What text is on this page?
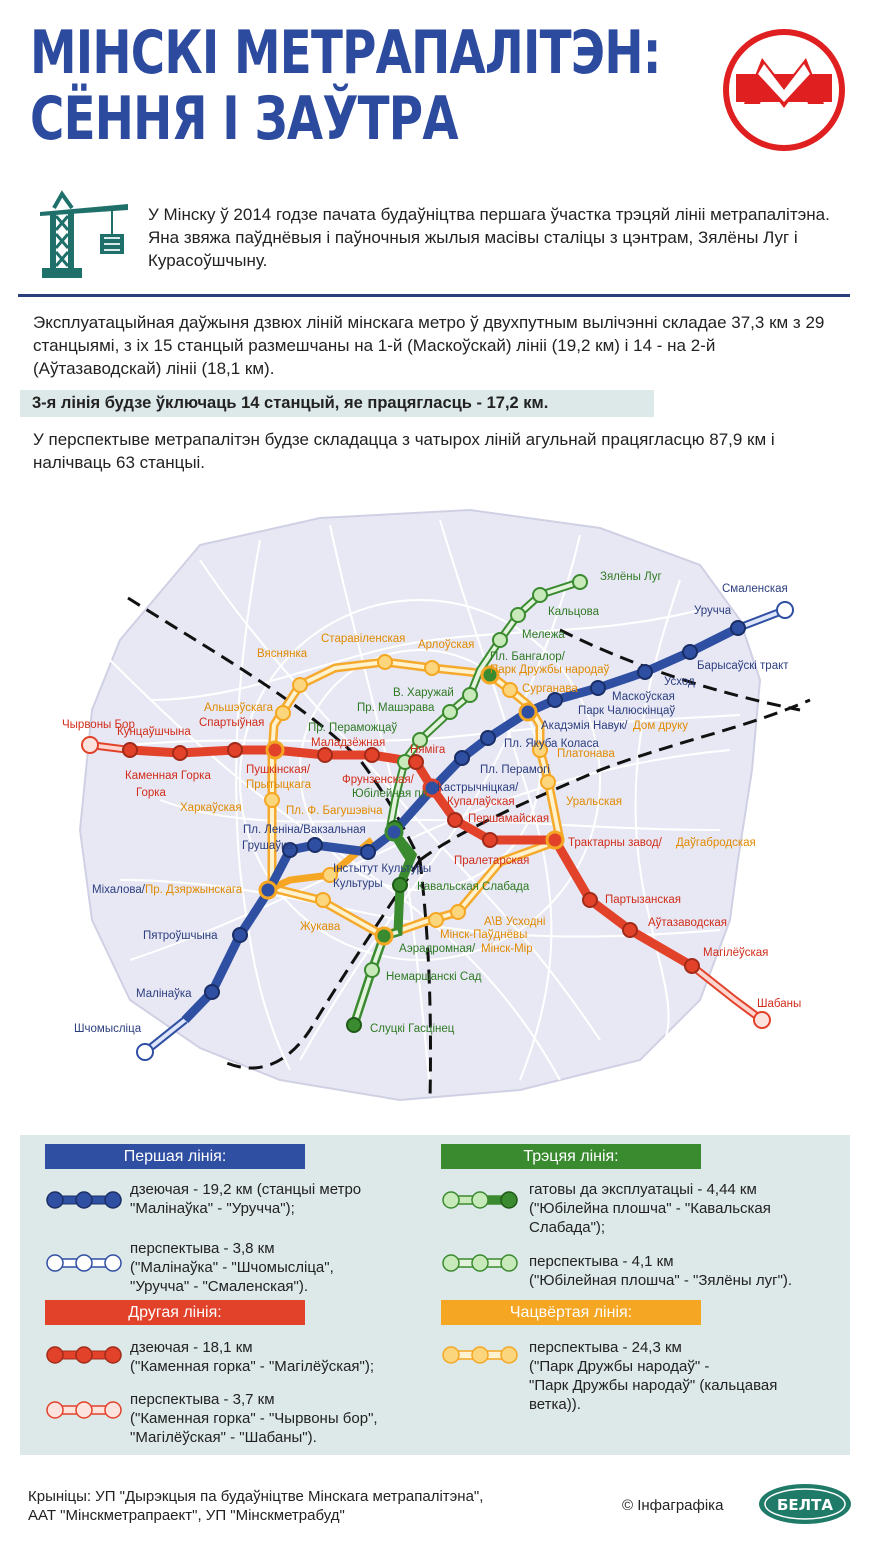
МІНСКІ МЕТРАПАЛІТЭН:
СЁННЯ І ЗАЎТРА
У Мінску ў 2014 годзе пачата будаўніцтва першага ўчастка трэцяй лініі метрапалітэна. Яна звяжа паўднёвыя і паўночныя жылыя масівы сталіцы з цэнтрам, Зялёны Луг і Курасоўшчыну.
Эксплуатацыйная даўжыня дзвюх ліній мінскага метро ў двухпутным вылічэнні складае 37,3 км з 29 станцыямі, з іх 15 станцый размешчаны на 1-й (Маскоўскай) лініі (19,2 км) і 14 - на 2-й (Аўтазаводскай) лініі (18,1 км).
3-я лінія будзе ўключаць 14 станцый, яе працягласць - 17,2 км.
У перспектыве метрапалітэн будзе складацца з чатырох ліній агульнай працягласцю 87,9 км і налічваць 63 станцыі.
Шчомысліца
Малінаўка
Пятроўшчына
Міхалова/
Грушаўка
Інстытут Культуры
Культуры
Пл. Леніна/Вакзальная
Кастрычніцкая/
Пл. Перамогі
Пл. Якуба Коласа
Акадэмія Навук/
Парк Чалюскінцаў
Маскоўская
Усход
Барысаўскі тракт
Уручча
Смаленская
Чырвоны Бор
Каменная Горка
Горка
Кунцаўшчына
Спартыўная
Пушкінская/
Маладзёжная
Фрунзенская/
Няміга
Купалаўская
Першамайская
Пралетарская
Трактарны завод/
Партызанская
Аўтазаводская
Магілёўская
Шабаны
Зялёны Луг
Кальцова
Мележа
Пл. Бангалор/
В. Харужай
Пр. Машэрава
Юбілейная пл.
Кавальская Слабада
Аэрадромная/
Немаршанскі Сад
Слуцкі Гасцінец
Пр. Пераможцаў
Старавіленская Арлоўская
Вяснянка
Парк Дружбы народаў
Сурганава
Альшэўскага
Прытыцкага
Дом друку
Платонава
Уральская
Даўгабродская
А\В Усходні
Мінск-Паўднёвы
Мінск-Мір
Жукава
Харкаўская	Пл. Ф. Багушэвіча
Пр. Дзяржынскага
Першая лінія:	Трэцяя лінія:
Другая лінія:	Чацвёртая лінія:
дзеючая - 19,2 км (станцыі метро
"Малінаўка" - "Уручча");
перспектыва - 3,8 км
("Малінаўка" - "Шчомысліца",
"Уручча" - "Смаленская").
дзеючая - 18,1 км
("Каменная горка" - "Магілёўская");
перспектыва - 3,7 км
("Каменная горка" - "Чырвоны бор",
"Магілёўская" - "Шабаны").
гатовы да эксплуатацыі - 4,44 км
("Юбілейна плошча" - "Кавальская
Слабада");
перспектыва - 4,1 км
("Юбілейная плошча" - "Зялёны луг").
перспектыва - 24,3 км
("Парк Дружбы народаў" -
"Парк Дружбы народаў" (кальцавая
ветка)).
Крыніцы: УП "Дырэкцыя па будаўніцтве Мінскага метрапалітэна",
ААТ "Мінскметрапраект", УП "Мінскметрабуд"
© Інфаграфіка	БЕЛТА
